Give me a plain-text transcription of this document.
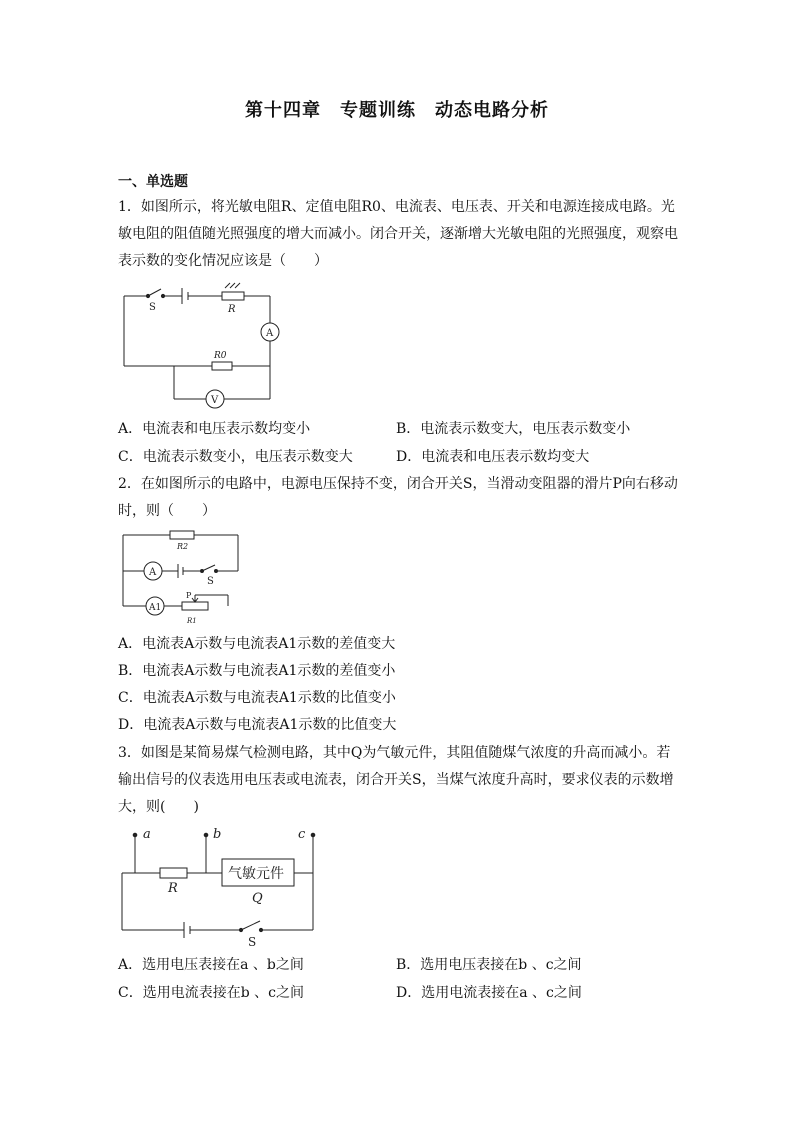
第十四章　专题训练　动态电路分析
一、单选题
1．如图所示，将光敏电阻R、定值电阻R0、电流表、电压表、开关和电源连接成电路。光敏电阻的阻值随光照强度的增大而减小。闭合开关，逐渐增大光敏电阻的光照强度，观察电表示数的变化情况应该是（　　）
S	R
A
R0
V
A．电流表和电压表示数均变小	B．电流表示数变大，电压表示数变小
C．电流表示数变小，电压表示数变大	D．电流表和电压表示数均变大
2．在如图所示的电路中，电源电压保持不变，闭合开关S，当滑动变阻器的滑片P向右移动时，则（　　）
R2
A
S
A1
P
R1
A．电流表A示数与电流表A1示数的差值变大
B．电流表A示数与电流表A1示数的差值变小
C．电流表A示数与电流表A1示数的比值变小
D．电流表A示数与电流表A1示数的比值变大
3．如图是某简易煤气检测电路，其中Q为气敏元件，其阻值随煤气浓度的升高而减小。若输出信号的仪表选用电压表或电流表，闭合开关S，当煤气浓度升高时，要求仪表的示数增大，则(　　)
a	b	c
R
气敏元件
Q
S
A．选用电压表接在a 、b之间	B．选用电压表接在b 、c之间
C．选用电流表接在b 、c之间	D．选用电流表接在a 、c之间
